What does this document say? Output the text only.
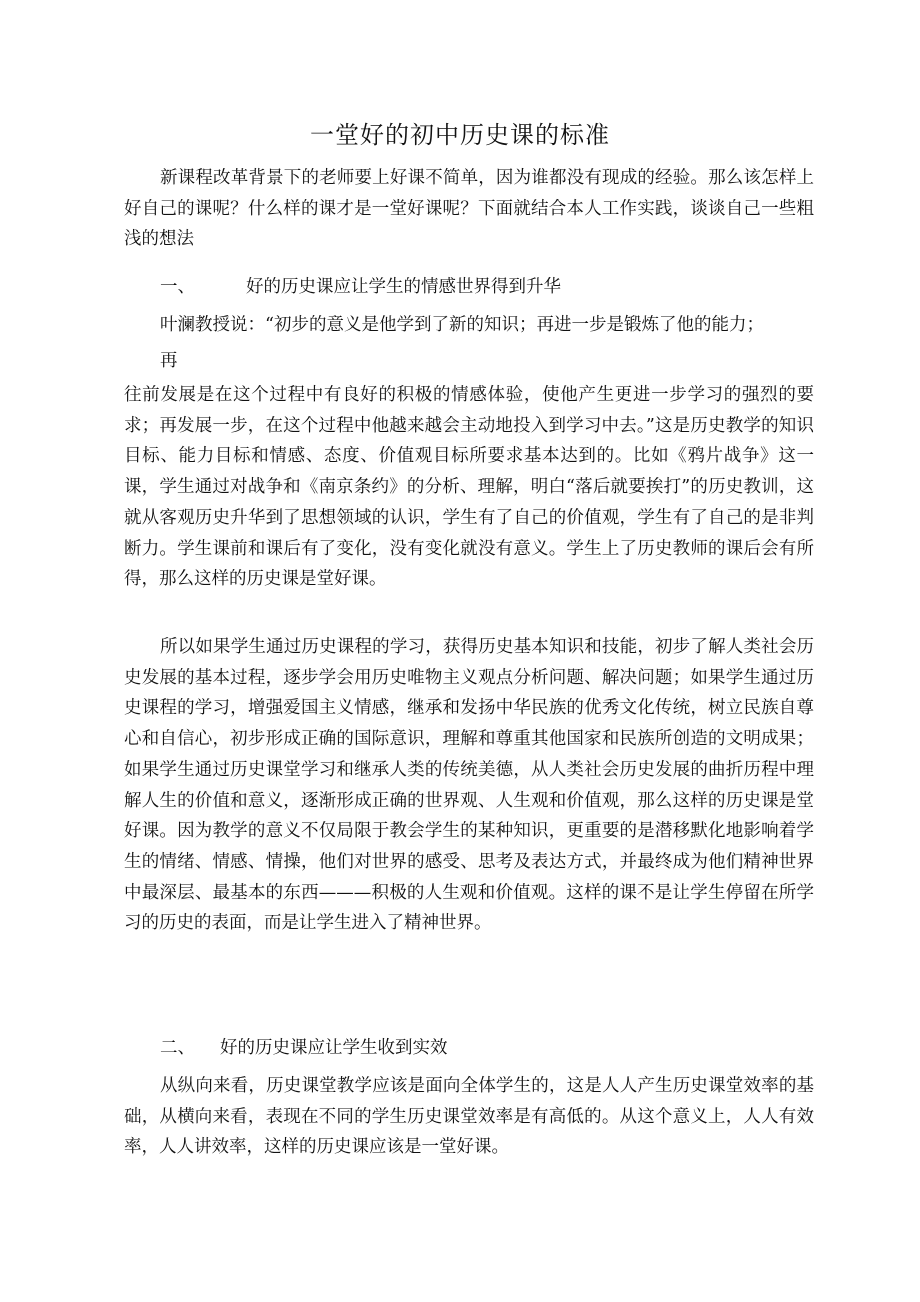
一堂好的初中历史课的标准

新课程改革背景下的老师要上好课不简单，因为谁都没有现成的经验。那么该怎样上好自己的课呢？什么样的课才是一堂好课呢？下面就结合本人工作实践，谈谈自己一些粗浅的想法

一、	好的历史课应让学生的情感世界得到升华
叶澜教授说：“初步的意义是他学到了新的知识；再进一步是锻炼了他的能力；
再

往前发展是在这个过程中有良好的积极的情感体验，使他产生更进一步学习的强烈的要求；再发展一步，在这个过程中他越来越会主动地投入到学习中去。”这是历史教学的知识目标、能力目标和情感、态度、价值观目标所要求基本达到的。比如《鸦片战争》这一课，学生通过对战争和《南京条约》的分析、理解，明白“落后就要挨打”的历史教训，这就从客观历史升华到了思想领域的认识，学生有了自己的价值观，学生有了自己的是非判断力。学生课前和课后有了变化，没有变化就没有意义。学生上了历史教师的课后会有所得，那么这样的历史课是堂好课。

所以如果学生通过历史课程的学习，获得历史基本知识和技能，初步了解人类社会历史发展的基本过程，逐步学会用历史唯物主义观点分析问题、解决问题；如果学生通过历史课程的学习，增强爱国主义情感，继承和发扬中华民族的优秀文化传统，树立民族自尊心和自信心，初步形成正确的国际意识，理解和尊重其他国家和民族所创造的文明成果；如果学生通过历史课堂学习和继承人类的传统美德，从人类社会历史发展的曲折历程中理解人生的价值和意义，逐渐形成正确的世界观、人生观和价值观，那么这样的历史课是堂好课。因为教学的意义不仅局限于教会学生的某种知识，更重要的是潜移默化地影响着学生的情绪、情感、情操，他们对世界的感受、思考及表达方式，并最终成为他们精神世界中最深层、最基本的东西———积极的人生观和价值观。这样的课不是让学生停留在所学习的历史的表面，而是让学生进入了精神世界。

二、 好的历史课应让学生收到实效

从纵向来看，历史课堂教学应该是面向全体学生的，这是人人产生历史课堂效率的基础，从横向来看，表现在不同的学生历史课堂效率是有高低的。从这个意义上，人人有效率，人人讲效率，这样的历史课应该是一堂好课。
